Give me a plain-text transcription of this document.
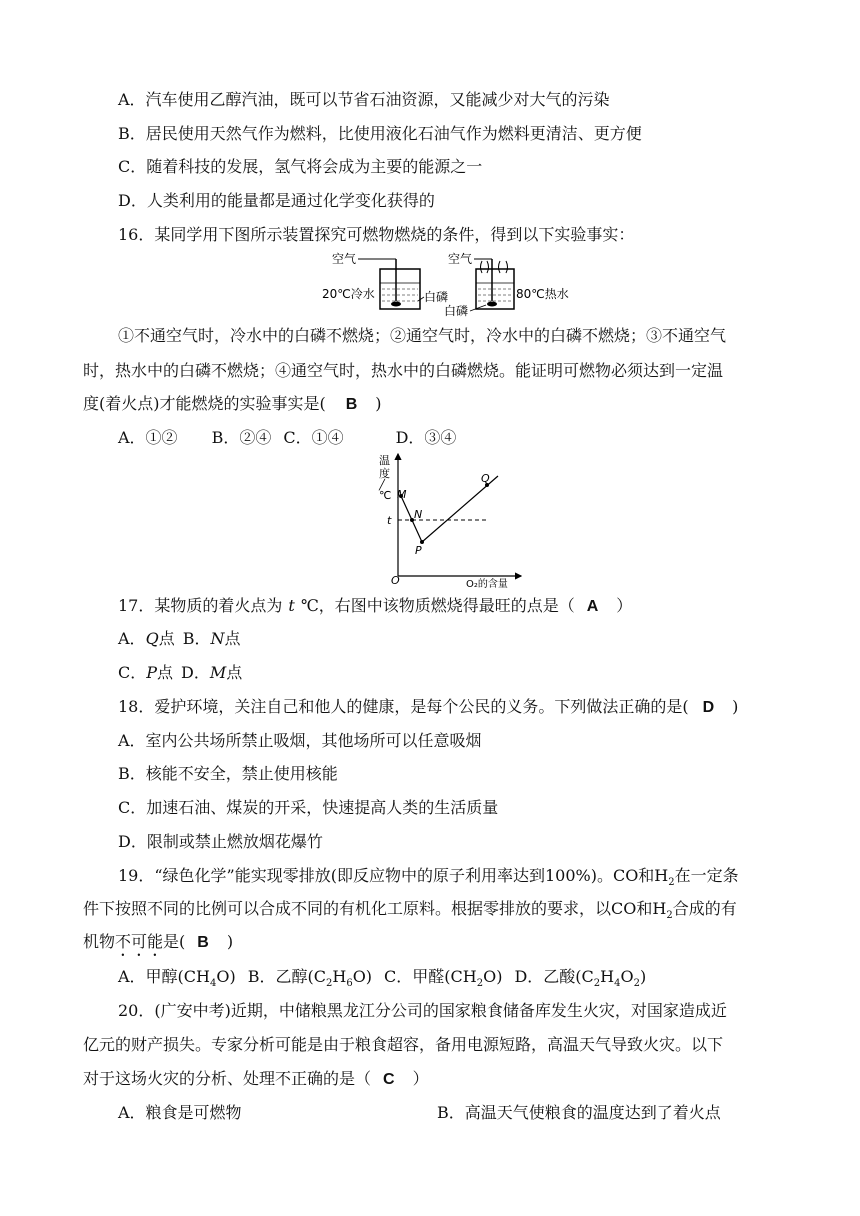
A．汽车使用乙醇汽油，既可以节省石油资源，又能减少对大气的污染
B．居民使用天然气作为燃料，比使用液化石油气作为燃料更清洁、更方便
C．随着科技的发展，氢气将会成为主要的能源之一
D．人类利用的能量都是通过化学变化获得的
16．某同学用下图所示装置探究可燃物燃烧的条件，得到以下实验事实：
空气
20℃冷水	白磷
空气
80℃热水
白磷
①不通空气时，冷水中的白磷不燃烧；②通空气时，冷水中的白磷不燃烧；③不通空气
时，热水中的白磷不燃烧；④通空气时，热水中的白磷燃烧。能证明可燃物必须达到一定温
度(着火点)才能燃烧的实验事实是( B )
A．①② B．②④ C．①④	D．③④
温
度
╱
℃
t
M
N
P
Q
O	O₂的含量
17．某物质的着火点为 t ℃，右图中该物质燃烧得最旺的点是（ A ）
A．Q点 B．N点
C．P点 D．M点
18．爱护环境，关注自己和他人的健康，是每个公民的义务。下列做法正确的是( D )
A．室内公共场所禁止吸烟，其他场所可以任意吸烟
B．核能不安全，禁止使用核能
C．加速石油、煤炭的开采，快速提高人类的生活质量
D．限制或禁止燃放烟花爆竹
19．“绿色化学”能实现零排放(即反应物中的原子利用率达到100%)。CO和$H_2$在一定条
件下按照不同的比例可以合成不同的有机化工原料。根据零排放的要求，以CO和$H_2$合成的有
机物不可能是( B )
A．甲醇$(CH_4O)$ B．乙醇$(C_2H_6O)$ C．甲醛$(CH_2O)$ D．乙酸$(C_2H_4O_2)$
20．(广安中考)近期，中储粮黑龙江分公司的国家粮食储备库发生火灾，对国家造成近
亿元的财产损失。专家分析可能是由于粮食超容，备用电源短路，高温天气导致火灾。以下
对于这场火灾的分析、处理不正确的是（ C ）
A．粮食是可燃物	B．高温天气使粮食的温度达到了着火点
